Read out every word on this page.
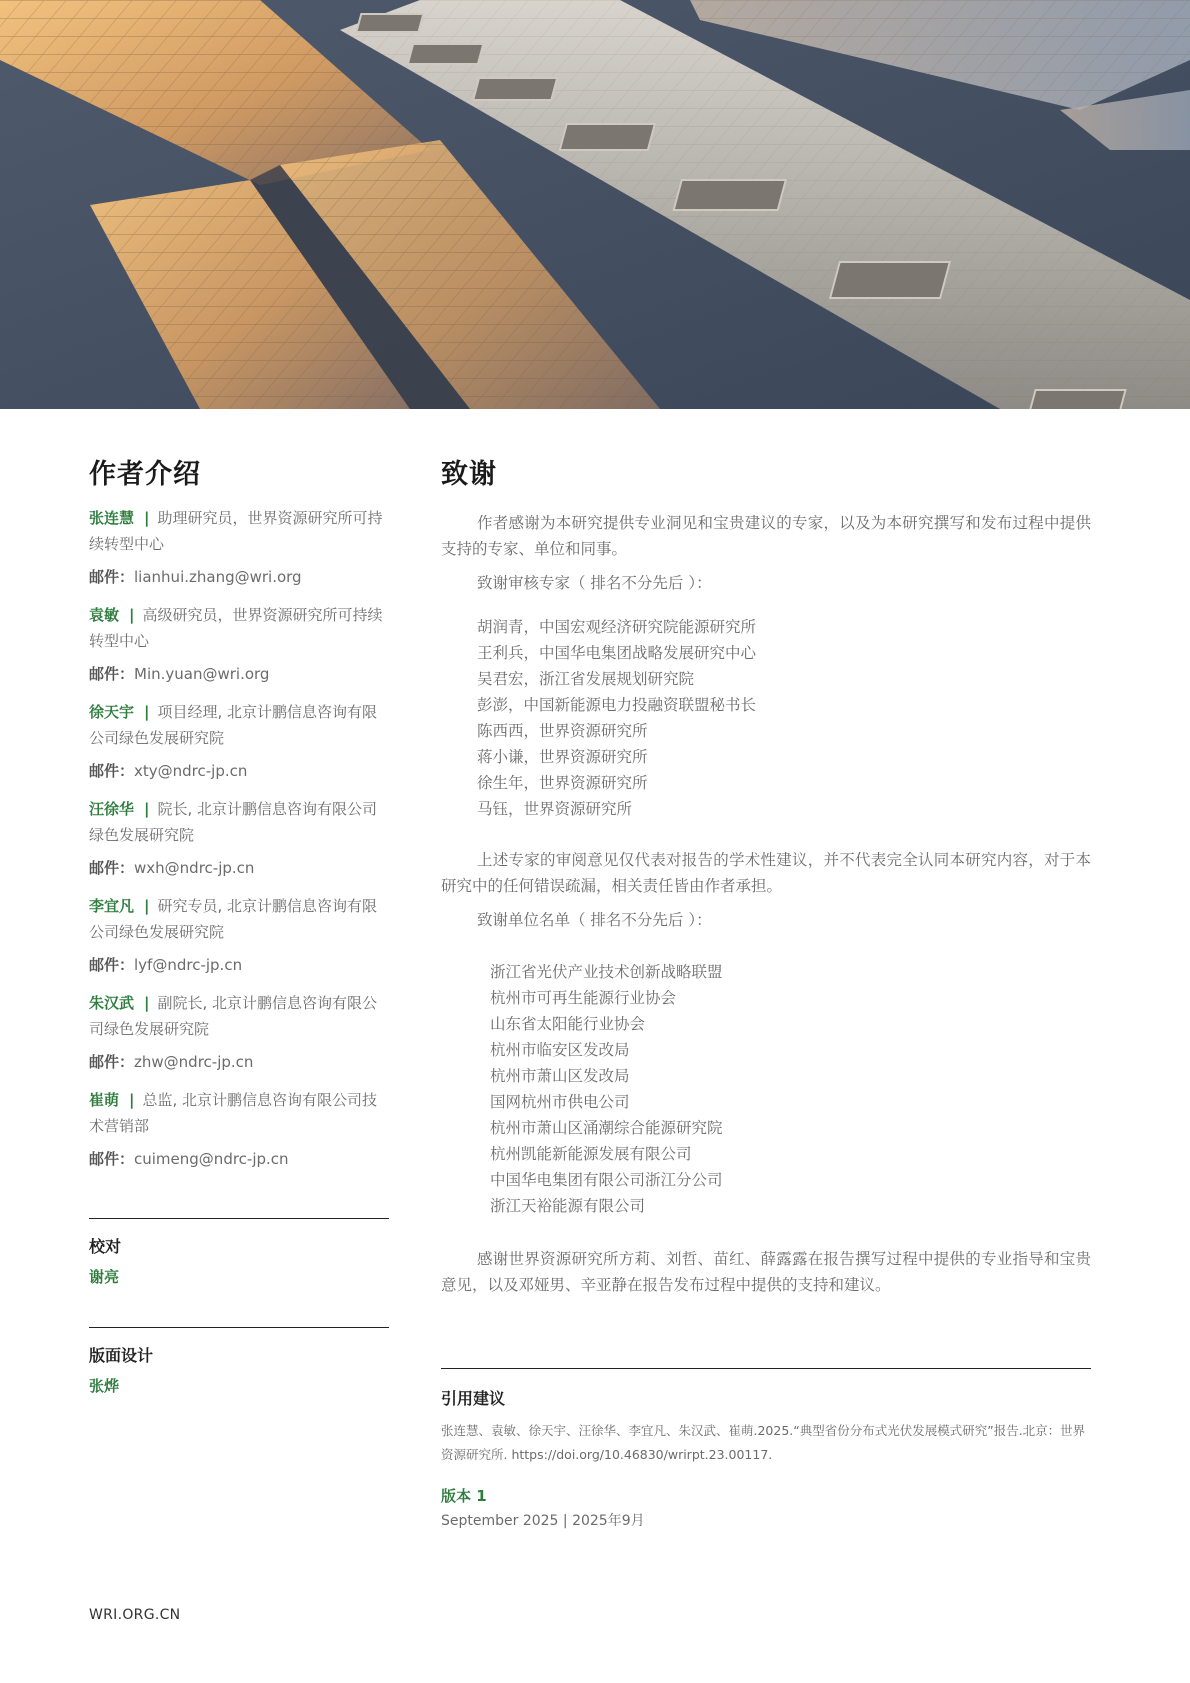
作者介绍
张连慧 | 助理研究员，世界资源研究所可持续转型中心
邮件：lianhui.zhang@wri.org
袁敏 | 高级研究员，世界资源研究所可持续转型中心
邮件：Min.yuan@wri.org
徐天宇 | 项目经理, 北京计鹏信息咨询有限公司绿色发展研究院
邮件：xty@ndrc-jp.cn
汪徐华 | 院长, 北京计鹏信息咨询有限公司绿色发展研究院
邮件：wxh@ndrc-jp.cn
李宜凡 | 研究专员, 北京计鹏信息咨询有限公司绿色发展研究院
邮件：lyf@ndrc-jp.cn
朱汉武 | 副院长, 北京计鹏信息咨询有限公司绿色发展研究院
邮件：zhw@ndrc-jp.cn
崔萌 | 总监, 北京计鹏信息咨询有限公司技术营销部
邮件：cuimeng@ndrc-jp.cn
校对
谢亮
版面设计
张烨
致谢

作者感谢为本研究提供专业洞见和宝贵建议的专家，以及为本研究撰写和发布过程中提供支持的专家、单位和同事。

致谢审核专家（ 排名不分先后 ）：
胡润青，中国宏观经济研究院能源研究所
王利兵，中国华电集团战略发展研究中心
吴君宏，浙江省发展规划研究院
彭澎，中国新能源电力投融资联盟秘书长
陈西西，世界资源研究所
蒋小谦，世界资源研究所
徐生年，世界资源研究所
马钰，世界资源研究所

上述专家的审阅意见仅代表对报告的学术性建议，并不代表完全认同本研究内容，对于本研究中的任何错误疏漏，相关责任皆由作者承担。

致谢单位名单（ 排名不分先后 ）：
浙江省光伏产业技术创新战略联盟
杭州市可再生能源行业协会
山东省太阳能行业协会
杭州市临安区发改局
杭州市萧山区发改局
国网杭州市供电公司
杭州市萧山区涌潮综合能源研究院
杭州凯能新能源发展有限公司
中国华电集团有限公司浙江分公司
浙江天裕能源有限公司

感谢世界资源研究所方莉、刘哲、苗红、薛露露在报告撰写过程中提供的专业指导和宝贵意见，以及邓娅男、辛亚静在报告发布过程中提供的支持和建议。

引用建议
张连慧、袁敏、徐天宇、汪徐华、李宜凡、朱汉武、崔萌.2025.“典型省份分布式光伏发展模式研究”报告.北京：世界资源研究所. https://doi.org/10.46830/wrirpt.23.00117.
版本 1
September 2025 | 2025年9月
WRI.ORG.CN
